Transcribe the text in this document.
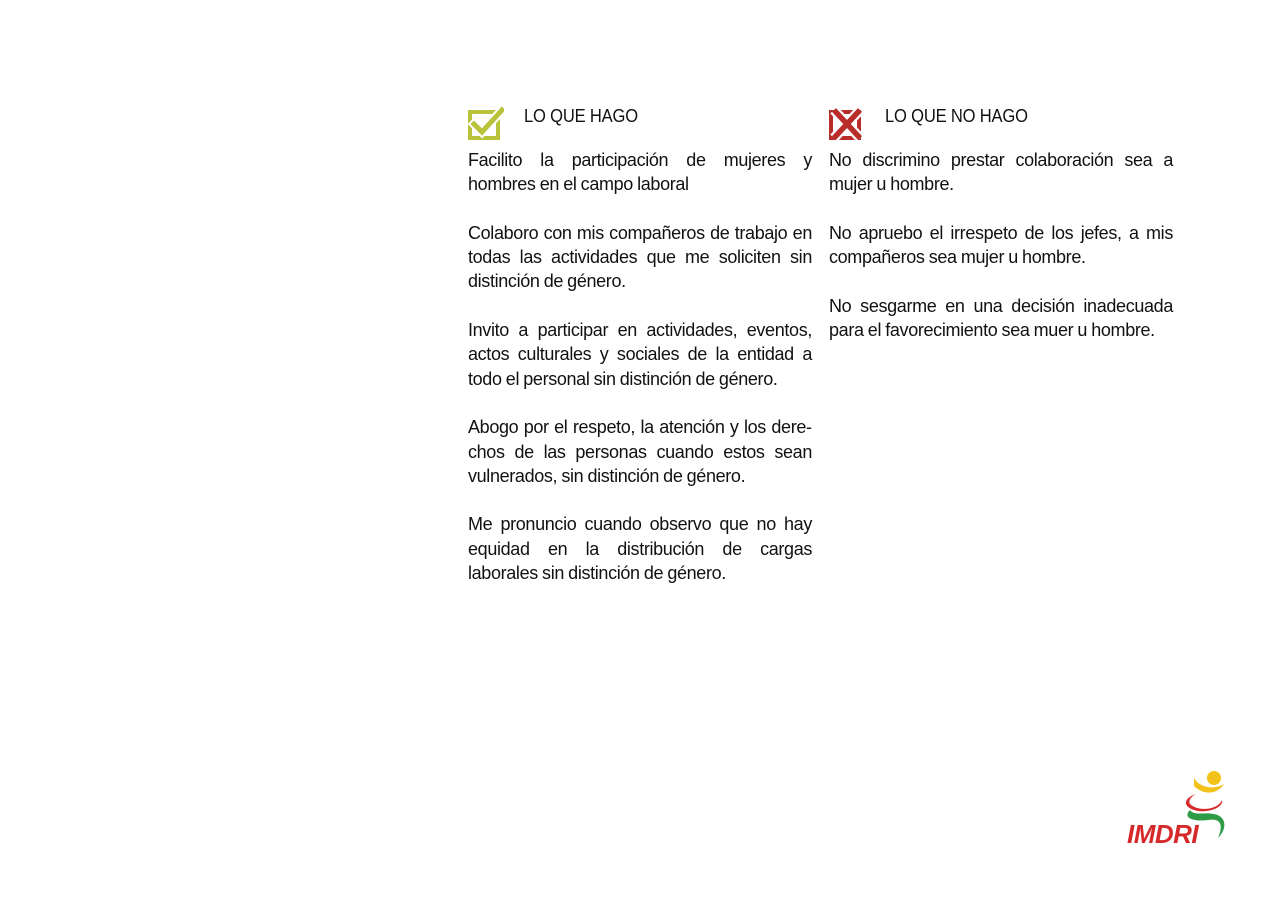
LO QUE HAGO
Facilito la participación de mujeres y hombres en el campo laboral
Colaboro con mis compañeros de trabajo en todas las actividades que me soliciten sin distinción de género.
Invito a participar en actividades, eventos, actos culturales y sociales de la entidad a todo el personal sin distinción de género.
Abogo por el respeto, la atención y los derechos de las personas cuando estos sean vulnerados, sin distinción de género.
Me pronuncio cuando observo que no hay equidad en la distribución de cargas laborales sin distinción de género.
LO QUE NO HAGO
No discrimino prestar colaboración sea a mujer u hombre.
No apruebo el irrespeto de los jefes, a mis compañeros sea mujer u hombre.
No sesgarme en una decisión inadecuada para el favorecimiento sea muer u hombre.
IMDRI
